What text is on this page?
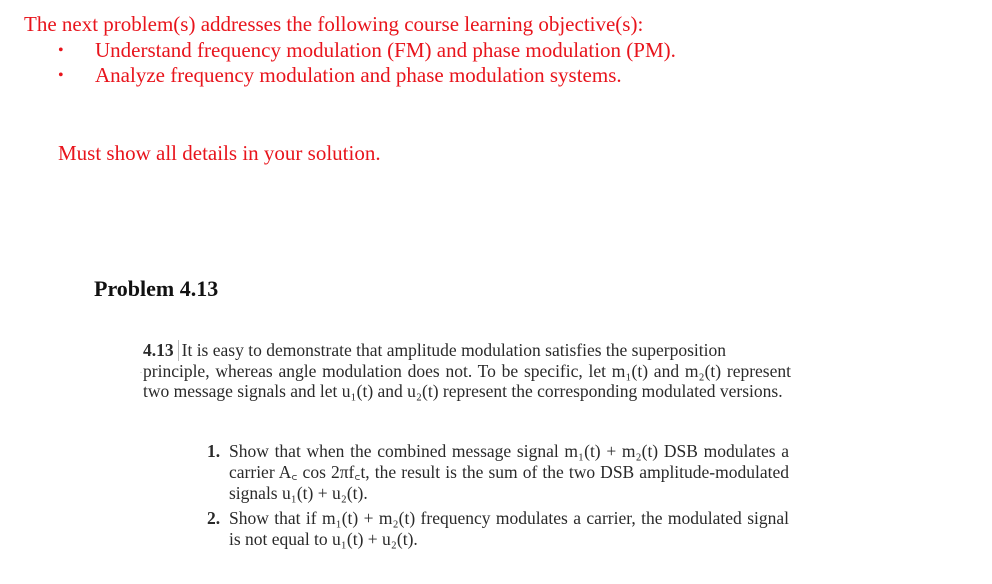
The next problem(s) addresses the following course learning objective(s):
• Understand frequency modulation (FM) and phase modulation (PM).
• Analyze frequency modulation and phase modulation systems.
Must show all details in your solution.
Problem 4.13

4.13 It is easy to demonstrate that amplitude modulation satisfies the superposition

principle, whereas angle modulation does not. To be specific, let m₁(t) and m₂(t) represent two message signals and let u₁(t) and u₂(t) represent the corresponding modulated versions.

1. Show that when the combined message signal m₁(t) + m₂(t) DSB modulates a carrier A꜀ cos 2πf꜀t, the result is the sum of the two DSB amplitude-modulated signals u₁(t) + u₂(t).
2. Show that if m₁(t) + m₂(t) frequency modulates a carrier, the modulated signal is not equal to u₁(t) + u₂(t).
